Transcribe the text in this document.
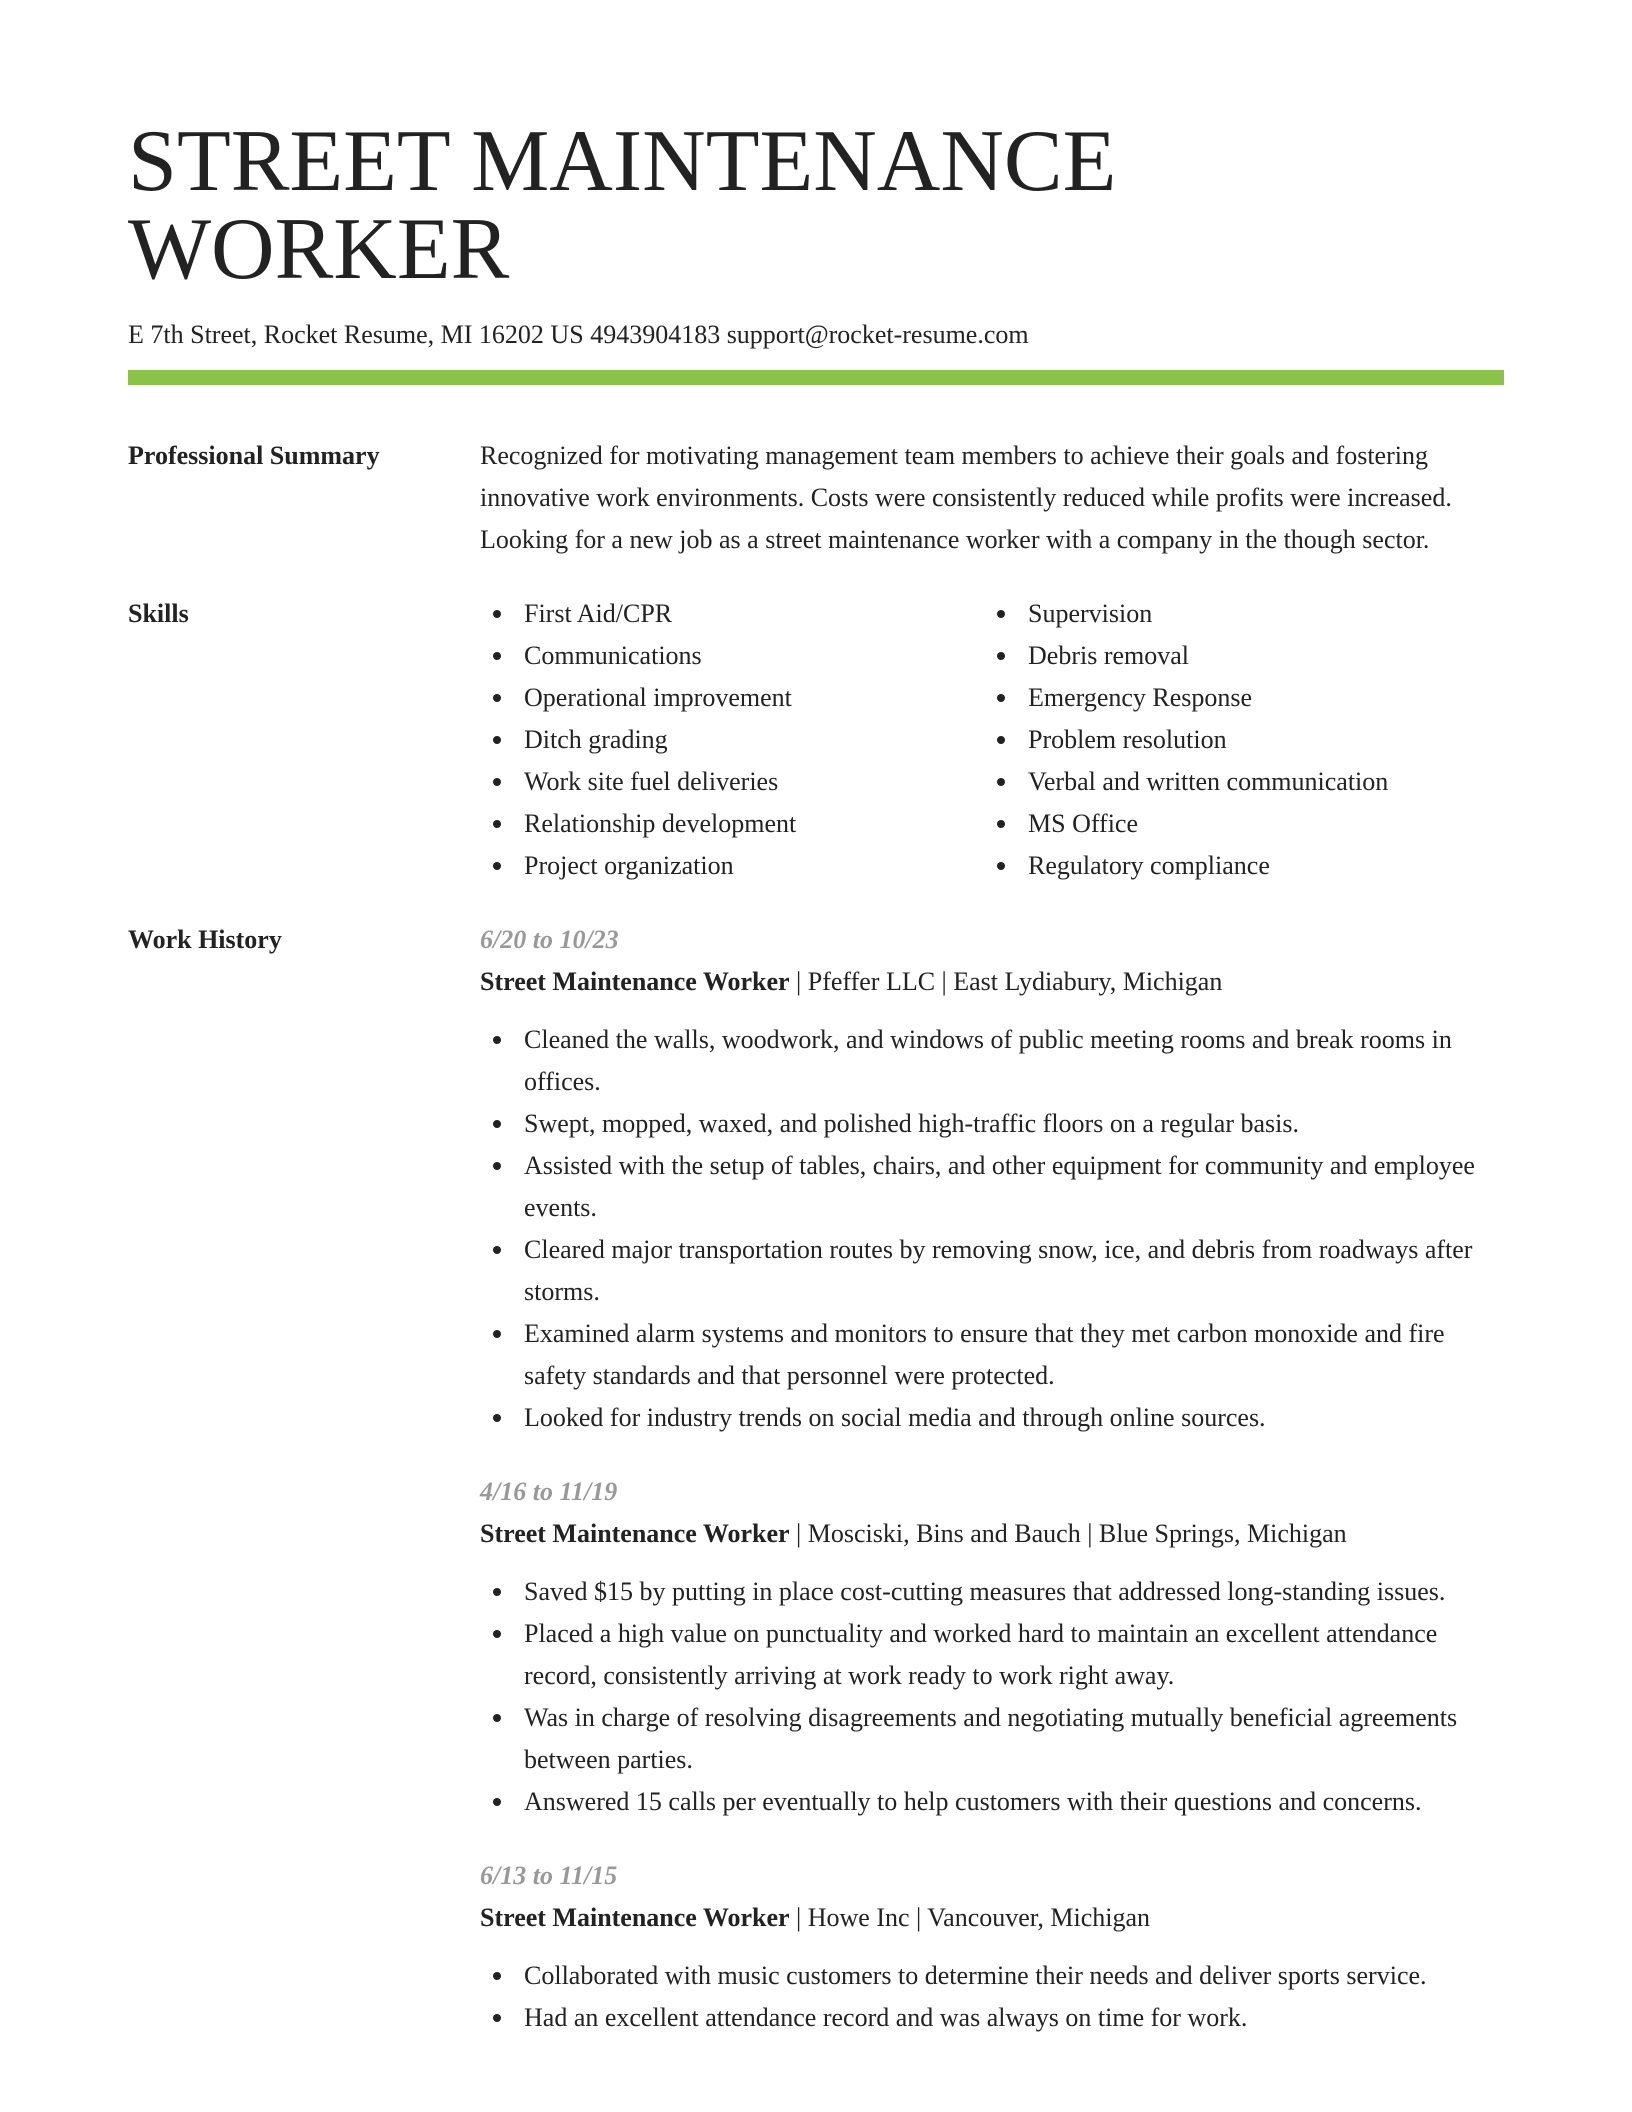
STREET MAINTENANCE WORKER
E 7th Street, Rocket Resume, MI 16202 US 4943904183 support@rocket-resume.com
Professional Summary	Recognized for motivating management team members to achieve their goals and fostering innovative work environments. Costs were consistently reduced while profits were increased. Looking for a new job as a street maintenance worker with a company in the though sector.
Skills	First Aid/CPR
Communications
Operational improvement
Ditch grading
Work site fuel deliveries
Relationship development
Project organization
Supervision
Debris removal
Emergency Response
Problem resolution
Verbal and written communication
MS Office
Regulatory compliance
Work History	6/20 to 10/23
Street Maintenance Worker | Pfeffer LLC | East Lydiabury, Michigan
Cleaned the walls, woodwork, and windows of public meeting rooms and break rooms in offices.
Swept, mopped, waxed, and polished high-traffic floors on a regular basis.
Assisted with the setup of tables, chairs, and other equipment for community and employee events.
Cleared major transportation routes by removing snow, ice, and debris from roadways after storms.
Examined alarm systems and monitors to ensure that they met carbon monoxide and fire safety standards and that personnel were protected.
Looked for industry trends on social media and through online sources.
4/16 to 11/19
Street Maintenance Worker | Mosciski, Bins and Bauch | Blue Springs, Michigan
Saved $15 by putting in place cost-cutting measures that addressed long-standing issues.
Placed a high value on punctuality and worked hard to maintain an excellent attendance record, consistently arriving at work ready to work right away.
Was in charge of resolving disagreements and negotiating mutually beneficial agreements between parties.
Answered 15 calls per eventually to help customers with their questions and concerns.
6/13 to 11/15
Street Maintenance Worker | Howe Inc | Vancouver, Michigan
Collaborated with music customers to determine their needs and deliver sports service.
Had an excellent attendance record and was always on time for work.
